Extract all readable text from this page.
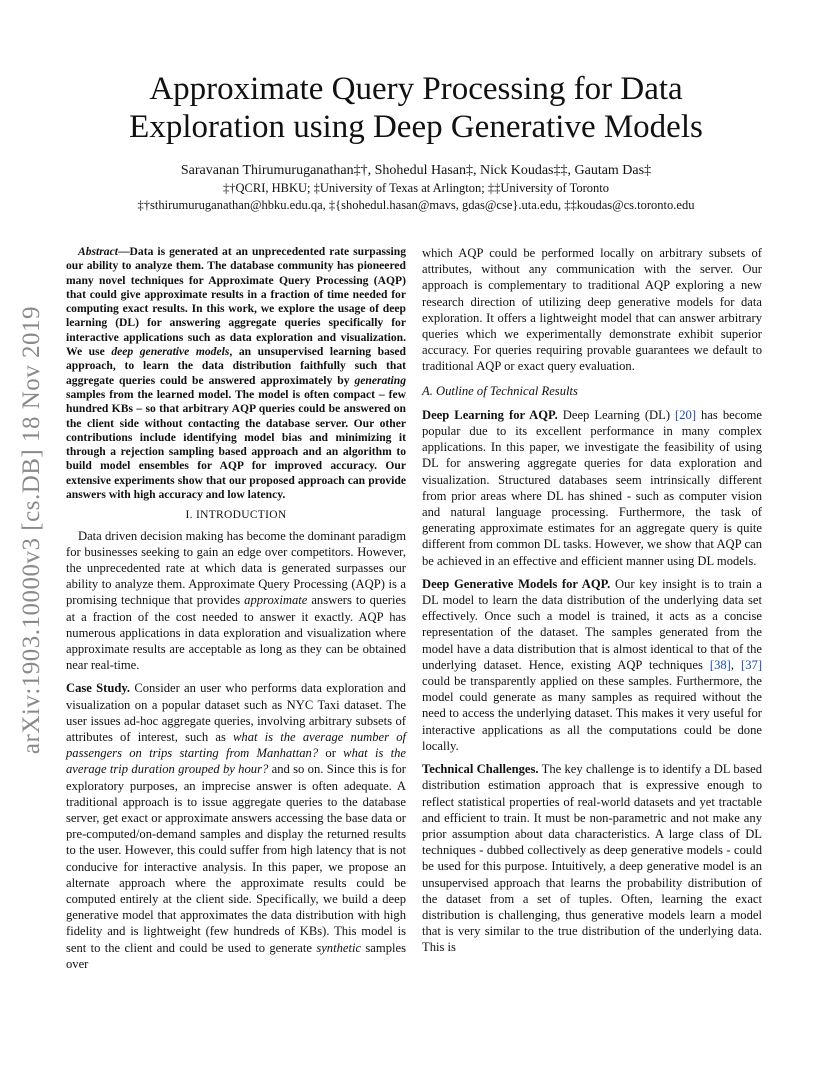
arXiv:1903.10000v3 [cs.DB] 18 Nov 2019
Approximate Query Processing for Data
Exploration using Deep Generative Models
Saravanan Thirumuruganathan‡†, Shohedul Hasan‡, Nick Koudas‡‡, Gautam Das‡
‡†QCRI, HBKU; ‡University of Texas at Arlington; ‡‡University of Toronto
‡†sthirumuruganathan@hbku.edu.qa, ‡{shohedul.hasan@mavs, gdas@cse}.uta.edu, ‡‡koudas@cs.toronto.edu

Abstract—Data is generated at an unprecedented rate surpassing our ability to analyze them. The database community has pioneered many novel techniques for Approximate Query Processing (AQP) that could give approximate results in a fraction of time needed for computing exact results. In this work, we explore the usage of deep learning (DL) for answering aggregate queries specifically for interactive applications such as data exploration and visualization. We use deep generative models, an unsupervised learning based approach, to learn the data distribution faithfully such that aggregate queries could be answered approximately by generating samples from the learned model. The model is often compact – few hundred KBs – so that arbitrary AQP queries could be answered on the client side without contacting the database server. Our other contributions include identifying model bias and minimizing it through a rejection sampling based approach and an algorithm to build model ensembles for AQP for improved accuracy. Our extensive experiments show that our proposed approach can provide answers with high accuracy and low latency.

I. INTRODUCTION

Data driven decision making has become the dominant paradigm for businesses seeking to gain an edge over competitors. However, the unprecedented rate at which data is generated surpasses our ability to analyze them. Approximate Query Processing (AQP) is a promising technique that provides approximate answers to queries at a fraction of the cost needed to answer it exactly. AQP has numerous applications in data exploration and visualization where approximate results are acceptable as long as they can be obtained near real-time.

Case Study. Consider an user who performs data exploration and visualization on a popular dataset such as NYC Taxi dataset. The user issues ad-hoc aggregate queries, involving arbitrary subsets of attributes of interest, such as what is the average number of passengers on trips starting from Manhattan? or what is the average trip duration grouped by hour? and so on. Since this is for exploratory purposes, an imprecise answer is often adequate. A traditional approach is to issue aggregate queries to the database server, get exact or approximate answers accessing the base data or pre-computed/on-demand samples and display the returned results to the user. However, this could suffer from high latency that is not conducive for interactive analysis. In this paper, we propose an alternate approach where the approximate results could be computed entirely at the client side. Specifically, we build a deep generative model that approximates the data distribution with high fidelity and is lightweight (few hundreds of KBs). This model is sent to the client and could be used to generate synthetic samples over

which AQP could be performed locally on arbitrary subsets of attributes, without any communication with the server. Our approach is complementary to traditional AQP exploring a new research direction of utilizing deep generative models for data exploration. It offers a lightweight model that can answer arbitrary queries which we experimentally demonstrate exhibit superior accuracy. For queries requiring provable guarantees we default to traditional AQP or exact query evaluation.

A. Outline of Technical Results

Deep Learning for AQP. Deep Learning (DL) [20] has become popular due to its excellent performance in many complex applications. In this paper, we investigate the feasibility of using DL for answering aggregate queries for data exploration and visualization. Structured databases seem intrinsically different from prior areas where DL has shined - such as computer vision and natural language processing. Furthermore, the task of generating approximate estimates for an aggregate query is quite different from common DL tasks. However, we show that AQP can be achieved in an effective and efficient manner using DL models.

Deep Generative Models for AQP. Our key insight is to train a DL model to learn the data distribution of the underlying data set effectively. Once such a model is trained, it acts as a concise representation of the dataset. The samples generated from the model have a data distribution that is almost identical to that of the underlying dataset. Hence, existing AQP techniques [38], [37] could be transparently applied on these samples. Furthermore, the model could generate as many samples as required without the need to access the underlying dataset. This makes it very useful for interactive applications as all the computations could be done locally.

Technical Challenges. The key challenge is to identify a DL based distribution estimation approach that is expressive enough to reflect statistical properties of real-world datasets and yet tractable and efficient to train. It must be non-parametric and not make any prior assumption about data characteristics. A large class of DL techniques - dubbed collectively as deep generative models - could be used for this purpose. Intuitively, a deep generative model is an unsupervised approach that learns the probability distribution of the dataset from a set of tuples. Often, learning the exact distribution is challenging, thus generative models learn a model that is very similar to the true distribution of the underlying data. This is
